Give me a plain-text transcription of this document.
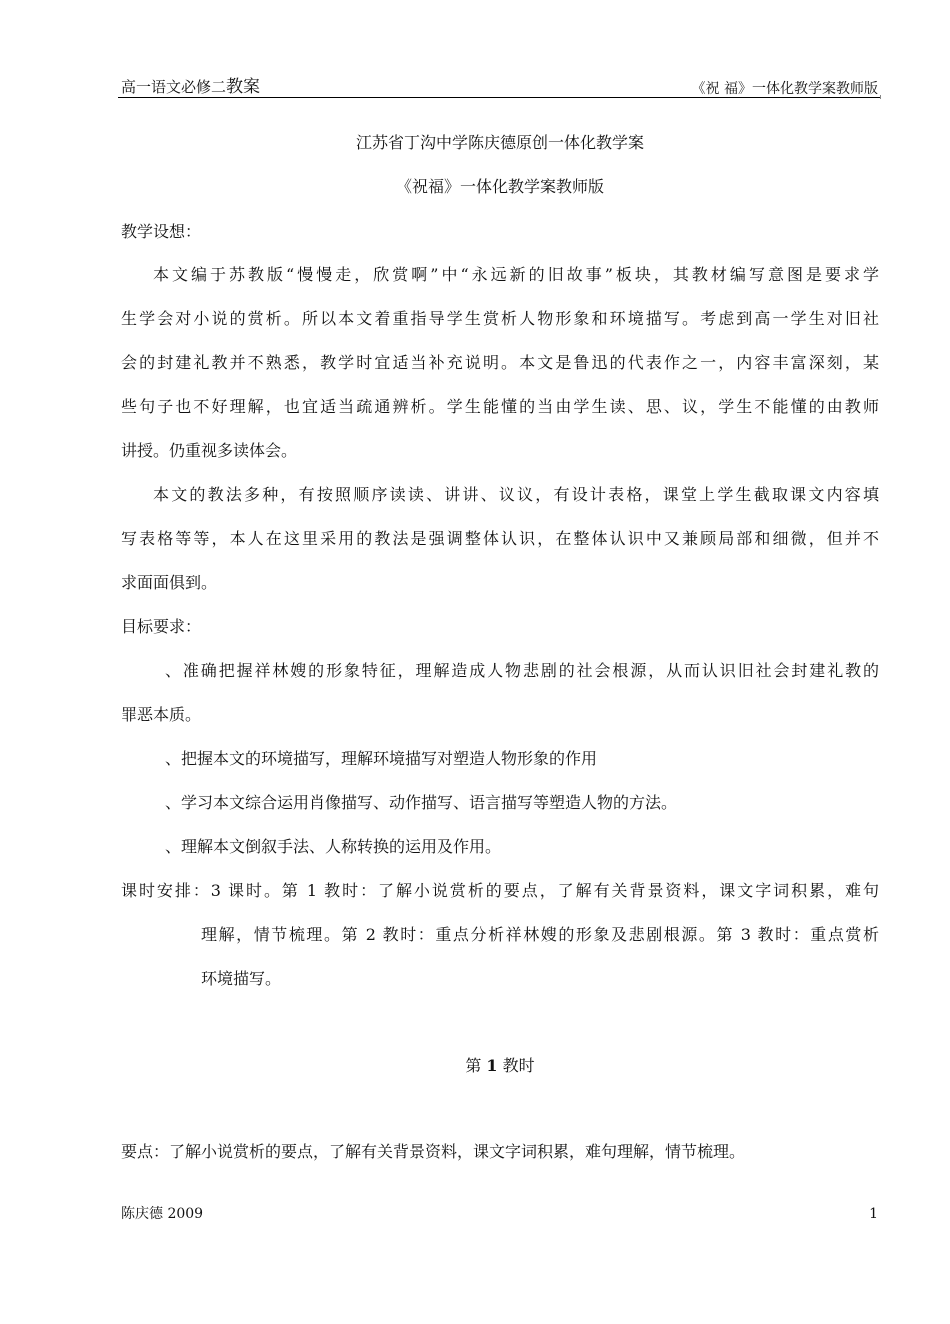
高一语文必修二教案	《祝 福》一体化教学案教师版
江苏省丁沟中学陈庆德原创一体化教学案
《祝福》一体化教学案教师版
教学设想：
本文编于苏教版“慢慢走，欣赏啊”中“永远新的旧故事”板块，其教材编写意图是要求学
生学会对小说的赏析。所以本文着重指导学生赏析人物形象和环境描写。考虑到高一学生对旧社
会的封建礼教并不熟悉，教学时宜适当补充说明。本文是鲁迅的代表作之一，内容丰富深刻，某
些句子也不好理解，也宜适当疏通辨析。学生能懂的当由学生读、思、议，学生不能懂的由教师
讲授。仍重视多读体会。
本文的教法多种，有按照顺序读读、讲讲、议议，有设计表格，课堂上学生截取课文内容填
写表格等等，本人在这里采用的教法是强调整体认识，在整体认识中又兼顾局部和细微，但并不
求面面俱到。
目标要求：
、准确把握祥林嫂的形象特征，理解造成人物悲剧的社会根源，从而认识旧社会封建礼教的
罪恶本质。
、把握本文的环境描写，理解环境描写对塑造人物形象的作用
、学习本文综合运用肖像描写、动作描写、语言描写等塑造人物的方法。
、理解本文倒叙手法、人称转换的运用及作用。
课时安排：3 课时。第 1 教时：了解小说赏析的要点，了解有关背景资料，课文字词积累，难句
理解，情节梳理。第 2 教时：重点分析祥林嫂的形象及悲剧根源。第 3 教时：重点赏析
环境描写。
第 1 教时
要点：了解小说赏析的要点，了解有关背景资料，课文字词积累，难句理解，情节梳理。
陈庆德 2009	1
